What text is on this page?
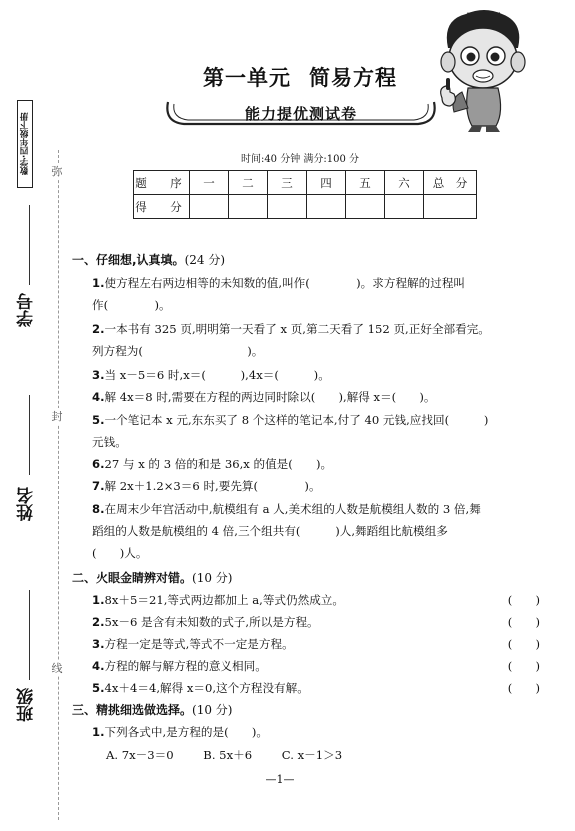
数学·四年级下册 弥
封
线
学号
姓名
班级
第一单元 简易方程
能力提优测试卷
时间:40 分钟 满分:100 分
题　序	一	二	三	四	五	六	总　分
得　分							
一、仔细想,认真填。(24 分)
1.使方程左右两边相等的未知数的值,叫作(　　　　)。求方程解的过程叫
作(　　　　)。
2.一本书有 325 页,明明第一天看了 x 页,第二天看了 152 页,正好全部看完。
列方程为(　　　　　　　　　)。
3.当 x－5＝6 时,x＝(　　　),4x＝(　　　)。
4.解 4x＝8 时,需要在方程的两边同时除以(　　),解得 x＝(　　)。
5.一个笔记本 x 元,东东买了 8 个这样的笔记本,付了 40 元钱,应找回(　　　)
元钱。
6.27 与 x 的 3 倍的和是 36,x 的值是(　　)。
7.解 2x＋1.2×3＝6 时,要先算(　　　　)。
8.在周末少年宫活动中,航模组有 a 人,美术组的人数是航模组人数的 3 倍,舞
蹈组的人数是航模组的 4 倍,三个组共有(　　　)人,舞蹈组比航模组多
(　　)人。
二、火眼金睛辨对错。(10 分)
1.8x＋5＝21,等式两边都加上 a,等式仍然成立。	(　　)
2.5x－6 是含有未知数的式子,所以是方程。	(　　)
3.方程一定是等式,等式不一定是方程。	(　　)
4.方程的解与解方程的意义相同。	(　　)
5.4x＋4＝4,解得 x＝0,这个方程没有解。	(　　)
三、精挑细选做选择。(10 分)
1.下列各式中,是方程的是(　　)。
A. 7x－3＝0	B. 5x＋6	C. x－1＞3
—1—
